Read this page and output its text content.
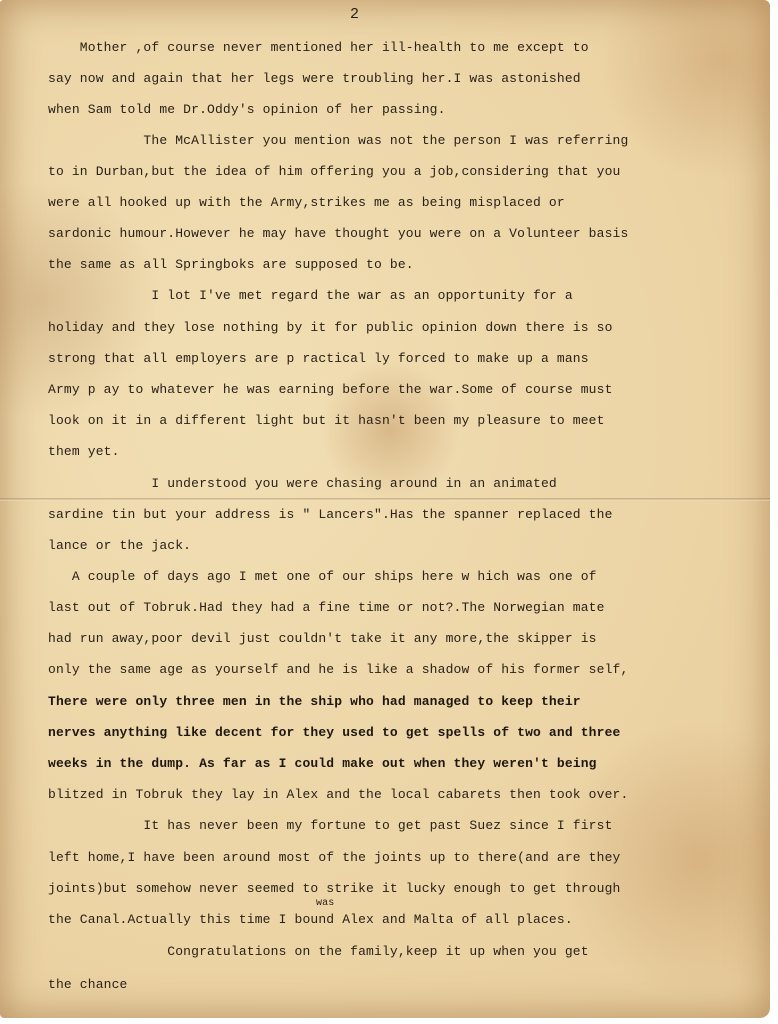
2
Mother ,of course never mentioned her ill-health to me except to
say now and again that her legs were troubling her.I was astonished
when Sam told me Dr.Oddy's opinion of her passing.
The McAllister you mention was not the person I was referring
to in Durban,but the idea of him offering you a job,considering that you
were all hooked up with the Army,strikes me as being misplaced or
sardonic humour.However he may have thought you were on a Volunteer basis
the same as all Springboks are supposed to be.
I lot I've met regard the war as an opportunity for a
holiday and they lose nothing by it for public opinion down there is so
strong that all employers are p ractical ly forced to make up a mans
Army p ay to whatever he was earning before the war.Some of course must
look on it in a different light but it hasn't been my pleasure to meet
them yet.
I understood you were chasing around in an animated
sardine tin but your address is " Lancers".Has the spanner replaced the
lance or the jack.
A couple of days ago I met one of our ships here w hich was one of
last out of Tobruk.Had they had a fine time or not?.The Norwegian mate
had run away,poor devil just couldn't take it any more,the skipper is
only the same age as yourself and he is like a shadow of his former self,
There were only three men in the ship who had managed to keep their
nerves anything like decent for they used to get spells of two and three
weeks in the dump. As far as I could make out when they weren't being
blitzed in Tobruk they lay in Alex and the local cabarets then took over.
It has never been my fortune to get past Suez since I first
left home,I have been around most of the joints up to there(and are they
joints)but somehow never seemed to strike it lucky enough to get through
was
the Canal.Actually this time I bound Alex and Malta of all places.
Congratulations on the family,keep it up when you get
the chance
